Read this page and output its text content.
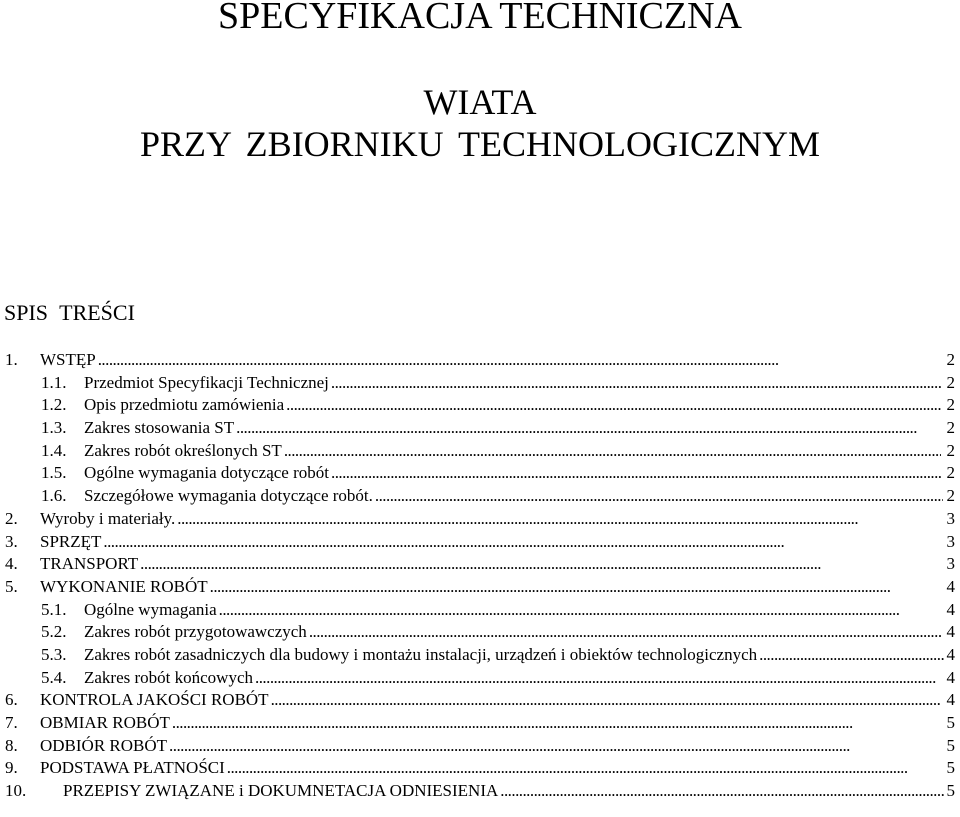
SPECYFIKACJA TECHNICZNA
WIATA
PRZY ZBIORNIKU TECHNOLOGICZNYM
SPIS TREŚCI
1. WSTĘP . . .	2
1.1. Przedmiot Specyfikacji Technicznej . . .	2
1.2. Opis przedmiotu zamówienia . . .	2
1.3. Zakres stosowania ST . . .	2
1.4. Zakres robót określonych ST . . .	2
1.5. Ogólne wymagania dotyczące robót . . .	2
1.6. Szczegółowe wymagania dotyczące robót. . . .	2
2. Wyroby i materiały. . . .	3
3. SPRZĘT . . .	3
4. TRANSPORT . . .	3
5. WYKONANIE ROBÓT . . .	4
5.1. Ogólne wymagania . . .	4
5.2. Zakres robót przygotowawczych . . .	4
5.3. Zakres robót zasadniczych dla budowy i montażu instalacji, urządzeń i obiektów technologicznych . . .	4
5.4. Zakres robót końcowych . . .	4
6. KONTROLA JAKOŚCI ROBÓT . . .	4
7. OBMIAR ROBÓT . . .	5
8. ODBIÓR ROBÓT . . .	5
9. PODSTAWA PŁATNOŚCI . . .	5
10. PRZEPISY ZWIĄZANE i DOKUMNETACJA ODNIESIENIA . . .	5
